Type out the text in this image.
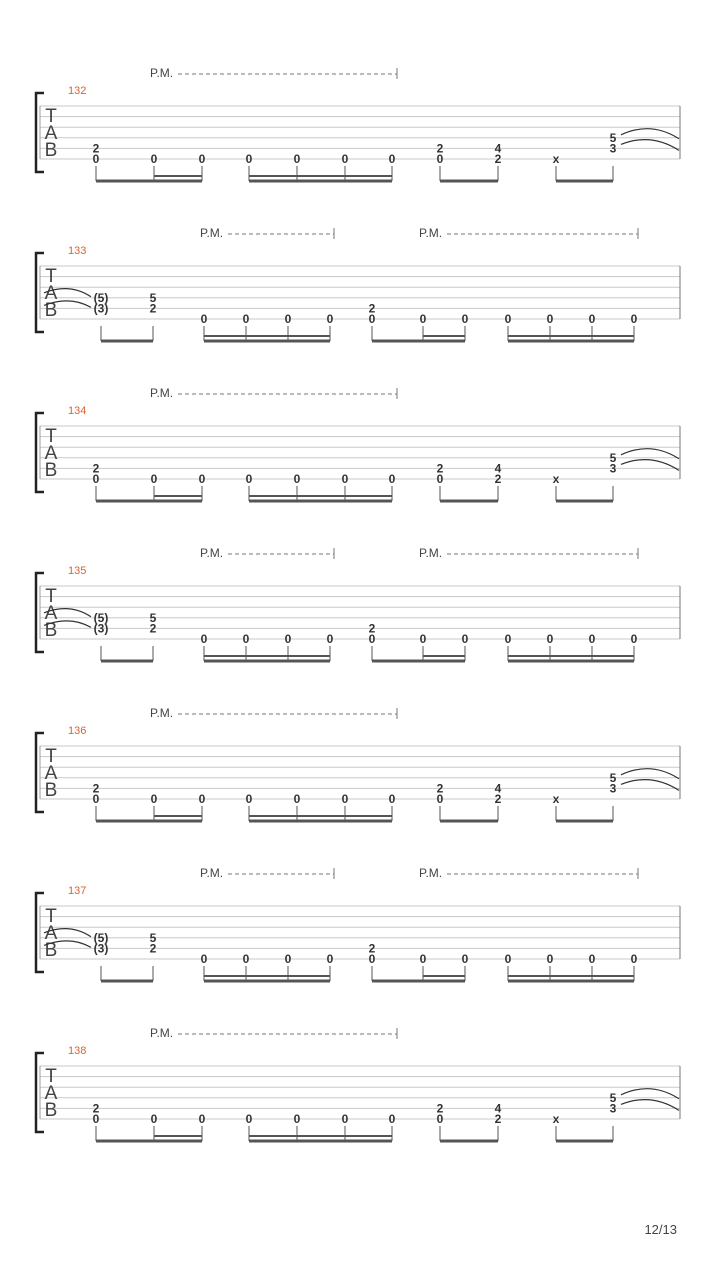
T
A
B
132
P.M.
2
0	0	0	0	0	0	0
2
0
4
2	x
5
3
T
A
B
133
P.M.	P.M.
(5)
(3)
5
2
0	0	0	0
2
0	0	0	0	0	0	0
T
A
B
134
P.M.
2
0	0	0	0	0	0	0
2
0
4
2	x
5
3
T
A
B
135
P.M.	P.M.
(5)
(3)
5
2
0	0	0	0
2
0	0	0	0	0	0	0
T
A
B
136
P.M.
2
0	0	0	0	0	0	0
2
0
4
2	x
5
3
T
A
B
137
P.M.	P.M.
(5)
(3)
5
2
0	0	0	0
2
0	0	0	0	0	0	0
T
A
B
138
P.M.
2
0	0	0	0	0	0	0
2
0
4
2	x
5
3
12/13
